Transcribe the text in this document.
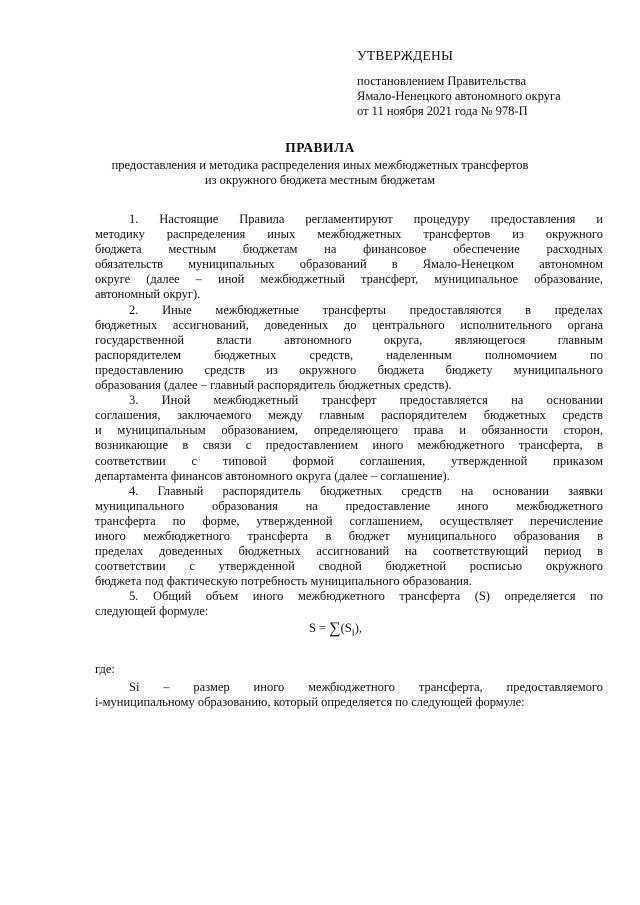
УТВЕРЖДЕНЫ
постановлением Правительства
Ямало-Ненецкого автономного округа
от 11 ноября 2021 года № 978-П
ПРАВИЛА
предоставления и методика распределения иных межбюджетных трансфертов
из окружного бюджета местным бюджетам

1. Настоящие Правила регламентируют процедуру предоставления и

методику распределения иных межбюджетных трансфертов из окружного

бюджета местным бюджетам на финансовое обеспечение расходных

обязательств муниципальных образований в Ямало-Ненецком автономном

округе (далее – иной межбюджетный трансферт, муниципальное образование,

автономный округ).

2. Иные межбюджетные трансферты предоставляются в пределах

бюджетных ассигнований, доведенных до центрального исполнительного органа

государственной власти автономного округа, являющегося главным

распорядителем бюджетных средств, наделенным полномочием по

предоставлению средств из окружного бюджета бюджету муниципального

образования (далее – главный распорядитель бюджетных средств).

3. Иной межбюджетный трансферт предоставляется на основании

соглашения, заключаемого между главным распорядителем бюджетных средств

и муниципальным образованием, определяющего права и обязанности сторон,

возникающие в связи с предоставлением иного межбюджетного трансферта, в

соответствии с типовой формой соглашения, утвержденной приказом

департамента финансов автономного округа (далее – соглашение).

4. Главный распорядитель бюджетных средств на основании заявки

муниципального образования на предоставление иного межбюджетного

трансферта по форме, утвержденной соглашением, осуществляет перечисление

иного межбюджетного трансферта в бюджет муниципального образования в

пределах доведенных бюджетных ассигнований на соответствующий период в

соответствии с утвержденной сводной бюджетной росписью окружного

бюджета под фактическую потребность муниципального образования.

5. Общий объем иного межбюджетного трансферта (S) определяется по

следующей формуле:

$S = \sum(S_i)$,
где:

Si – размер иного межбюджетного трансферта, предоставляемого

i-муниципальному образованию, который определяется по следующей формуле:
